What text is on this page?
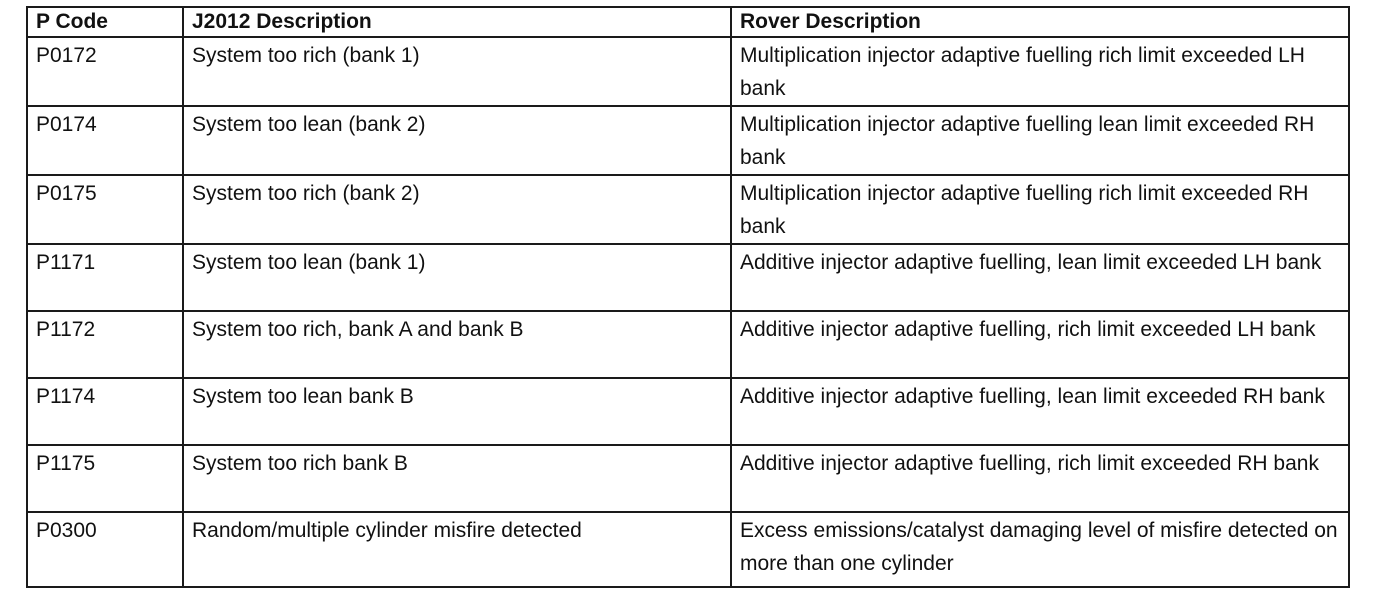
P Code	J2012 Description	Rover Description
P0172	System too rich (bank 1)	Multiplication injector adaptive fuelling rich limit exceeded LH bank
P0174	System too lean (bank 2)	Multiplication injector adaptive fuelling lean limit exceeded RH bank
P0175	System too rich (bank 2)	Multiplication injector adaptive fuelling rich limit exceeded RH bank
P1171	System too lean (bank 1)	Additive injector adaptive fuelling, lean limit exceeded LH bank
P1172	System too rich, bank A and bank B	Additive injector adaptive fuelling, rich limit exceeded LH bank
P1174	System too lean bank B	Additive injector adaptive fuelling, lean limit exceeded RH bank
P1175	System too rich bank B	Additive injector adaptive fuelling, rich limit exceeded RH bank
P0300	Random/multiple cylinder misfire detected	Excess emissions/catalyst damaging level of misfire detected on more than one cylinder
